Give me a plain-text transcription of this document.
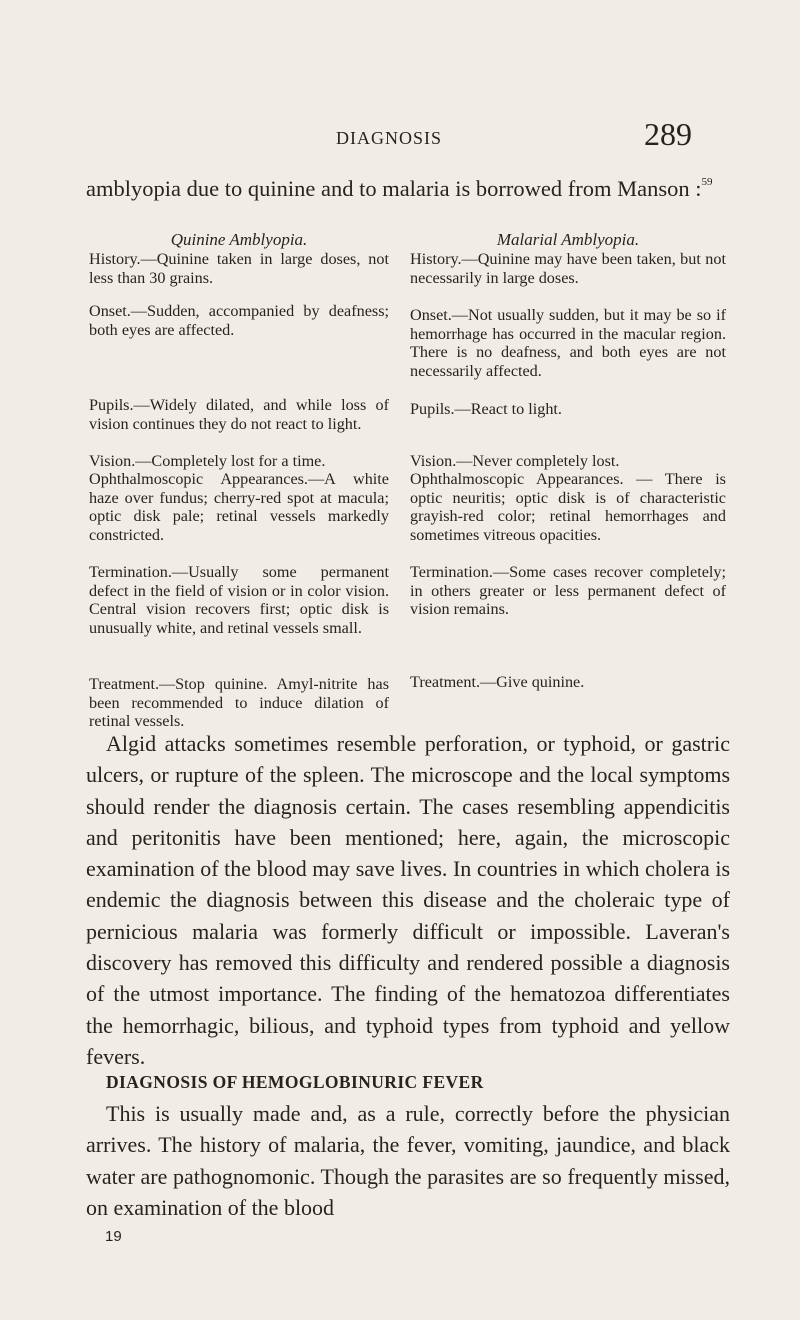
DIAGNOSIS	289

amblyopia due to quinine and to malaria is borrowed from Manson :$^{59}$

Quinine Amblyopia.

History.—Quinine taken in large doses, not less than 30 grains.

Onset.—Sudden, accompanied by deafness; both eyes are affected.

Pupils.—Widely dilated, and while loss of vision continues they do not react to light.

Vision.—Completely lost for a time.

Ophthalmoscopic Appearances.—A white haze over fundus; cherry-red spot at macula; optic disk pale; retinal vessels markedly constricted.

Termination.—Usually some permanent defect in the field of vision or in color vision. Central vision recovers first; optic disk is unusually white, and retinal vessels small.

Treatment.—Stop quinine. Amyl-nitrite has been recommended to induce dilation of retinal vessels.

Malarial Amblyopia.

History.—Quinine may have been taken, but not necessarily in large doses.

Onset.—Not usually sudden, but it may be so if hemorrhage has occurred in the macular region. There is no deafness, and both eyes are not necessarily affected.

Pupils.—React to light.

Vision.—Never completely lost.

Ophthalmoscopic Appearances. — There is optic neuritis; optic disk is of characteristic grayish-red color; retinal hemorrhages and sometimes vitreous opacities.

Termination.—Some cases recover completely; in others greater or less permanent defect of vision remains.

Treatment.—Give quinine.

Algid attacks sometimes resemble perforation, or typhoid, or gastric ulcers, or rupture of the spleen. The microscope and the local symptoms should render the diagnosis certain. The cases resembling appendicitis and peritonitis have been mentioned; here, again, the microscopic examination of the blood may save lives. In countries in which cholera is endemic the diagnosis between this disease and the choleraic type of pernicious malaria was formerly difficult or impossible. Laveran's discovery has removed this difficulty and rendered possible a diagnosis of the utmost importance. The finding of the hematozoa differentiates the hemorrhagic, bilious, and typhoid types from typhoid and yellow fevers.

DIAGNOSIS OF HEMOGLOBINURIC FEVER

This is usually made and, as a rule, correctly before the physician arrives. The history of malaria, the fever, vomiting, jaundice, and black water are pathognomonic. Though the parasites are so frequently missed, on examination of the blood

19
